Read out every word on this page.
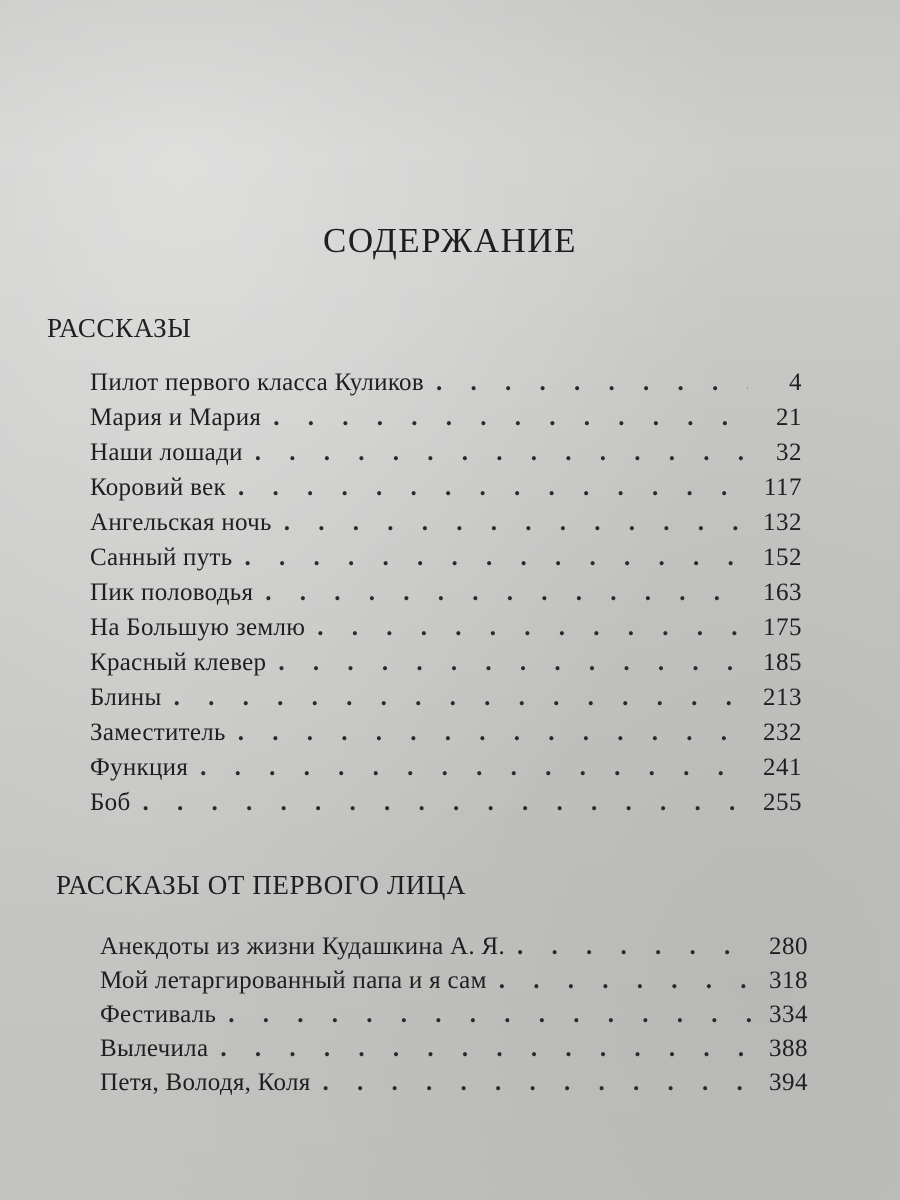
СОДЕРЖАНИЕ
РАССКАЗЫ
Пилот первого класса Куликов . . .	4
Мария и Мария . . .	21
Наши лошади . . .	32
Коровий век . . .	117
Ангельская ночь . . .	132
Санный путь . . .	152
Пик половодья . . .	163
На Большую землю . . .	175
Красный клевер . . .	185
Блины . . .	213
Заместитель . . .	232
Функция . . .	241
Боб . . .	255
РАССКАЗЫ ОТ ПЕРВОГО ЛИЦА
Анекдоты из жизни Кудашкина А. Я. . . .	280
Мой летаргированный папа и я сам . . .	318
Фестиваль . . .	334
Вылечила . . .	388
Петя, Володя, Коля . . .	394
